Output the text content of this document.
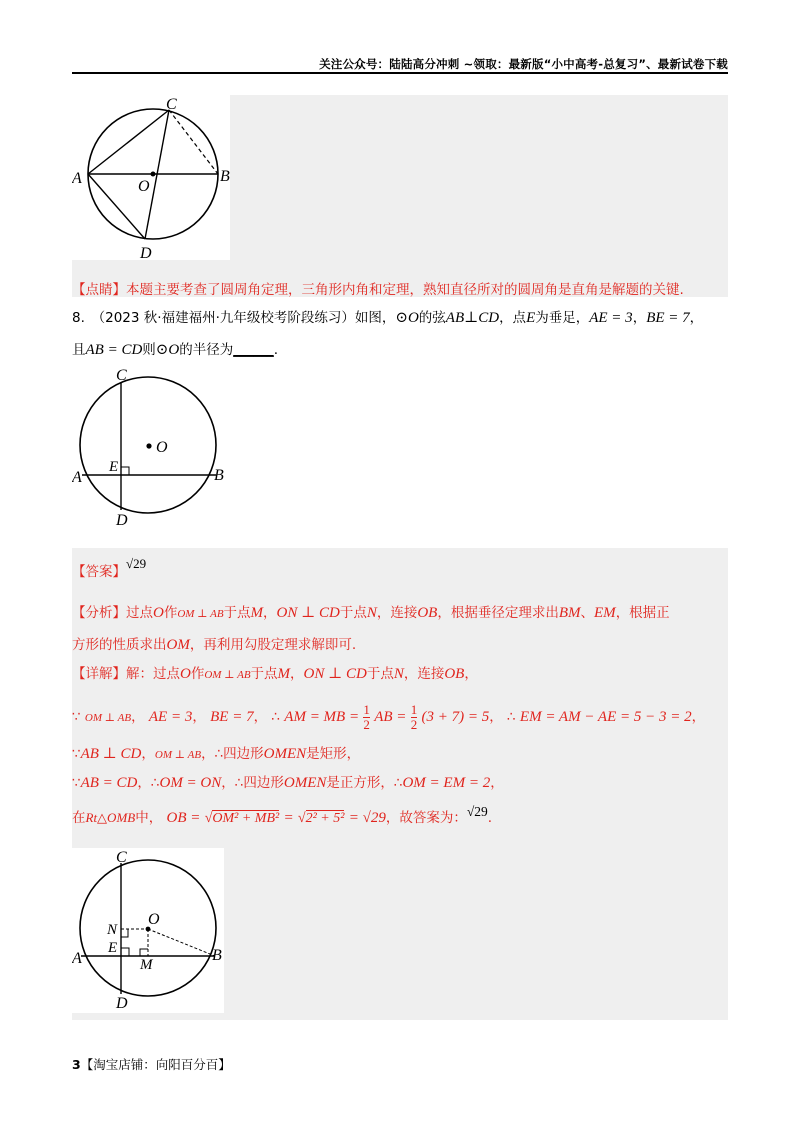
关注公众号：陆陆高分冲刺 ~领取：最新版“小中高考-总复习”、最新试卷下载
A	B
C
D
O
【点睛】本题主要考查了圆周角定理，三角形内角和定理，熟知直径所对的圆周角是直角是解题的关键.
8.　（2023 秋·福建福州·九年级校考阶段练习）如图，⊙O的弦AB⊥CD，点E为垂足，AE = 3，BE = 7，
且AB = CD则⊙O的半径为______.
O
A	B
C
D
E
【答案】√29
【分析】过点O作OM ⊥ AB于点M，ON ⊥ CD于点N，连接OB，根据垂径定理求出BM、EM，根据正
方形的性质求出OM，再利用勾股定理求解即可.
【详解】解：过点O作OM ⊥ AB于点M，ON ⊥ CD于点N，连接OB，
∵ OM ⊥ AB， AE = 3， BE = 7， ∴ AM = MB = $\frac{1}{2}$ AB = $\frac{1}{2} (3 + 7) = 5$， ∴ EM = AM − AE = 5 − 3 = 2，
∵AB ⊥ CD，OM ⊥ AB，∴四边形OMEN是矩形，
∵AB = CD，∴OM = ON，∴四边形OMEN是正方形，∴OM = EM = 2，
在Rt△OMB中， OB = √OM² + MB² = √2² + 5² = √29，故答案为：√29.
O
A	B
C
D
E
N
M
3【淘宝店铺：向阳百分百】
